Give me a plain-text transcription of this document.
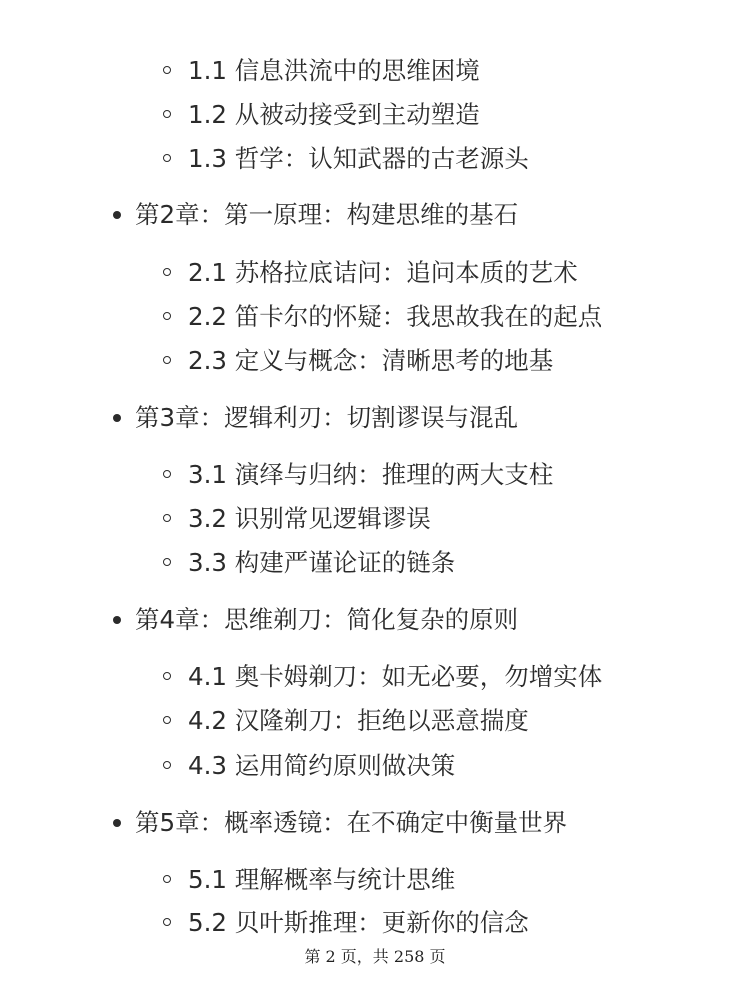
1.1 信息洪流中的思维困境
1.2 从被动接受到主动塑造
1.3 哲学：认知武器的古老源头
第2章：第一原理：构建思维的基石
2.1 苏格拉底诘问：追问本质的艺术
2.2 笛卡尔的怀疑：我思故我在的起点
2.3 定义与概念：清晰思考的地基
第3章：逻辑利刃：切割谬误与混乱
3.1 演绎与归纳：推理的两大支柱
3.2 识别常见逻辑谬误
3.3 构建严谨论证的链条
第4章：思维剃刀：简化复杂的原则
4.1 奥卡姆剃刀：如无必要，勿增实体
4.2 汉隆剃刀：拒绝以恶意揣度
4.3 运用简约原则做决策
第5章：概率透镜：在不确定中衡量世界
5.1 理解概率与统计思维
5.2 贝叶斯推理：更新你的信念
第 2 页，共 258 页
